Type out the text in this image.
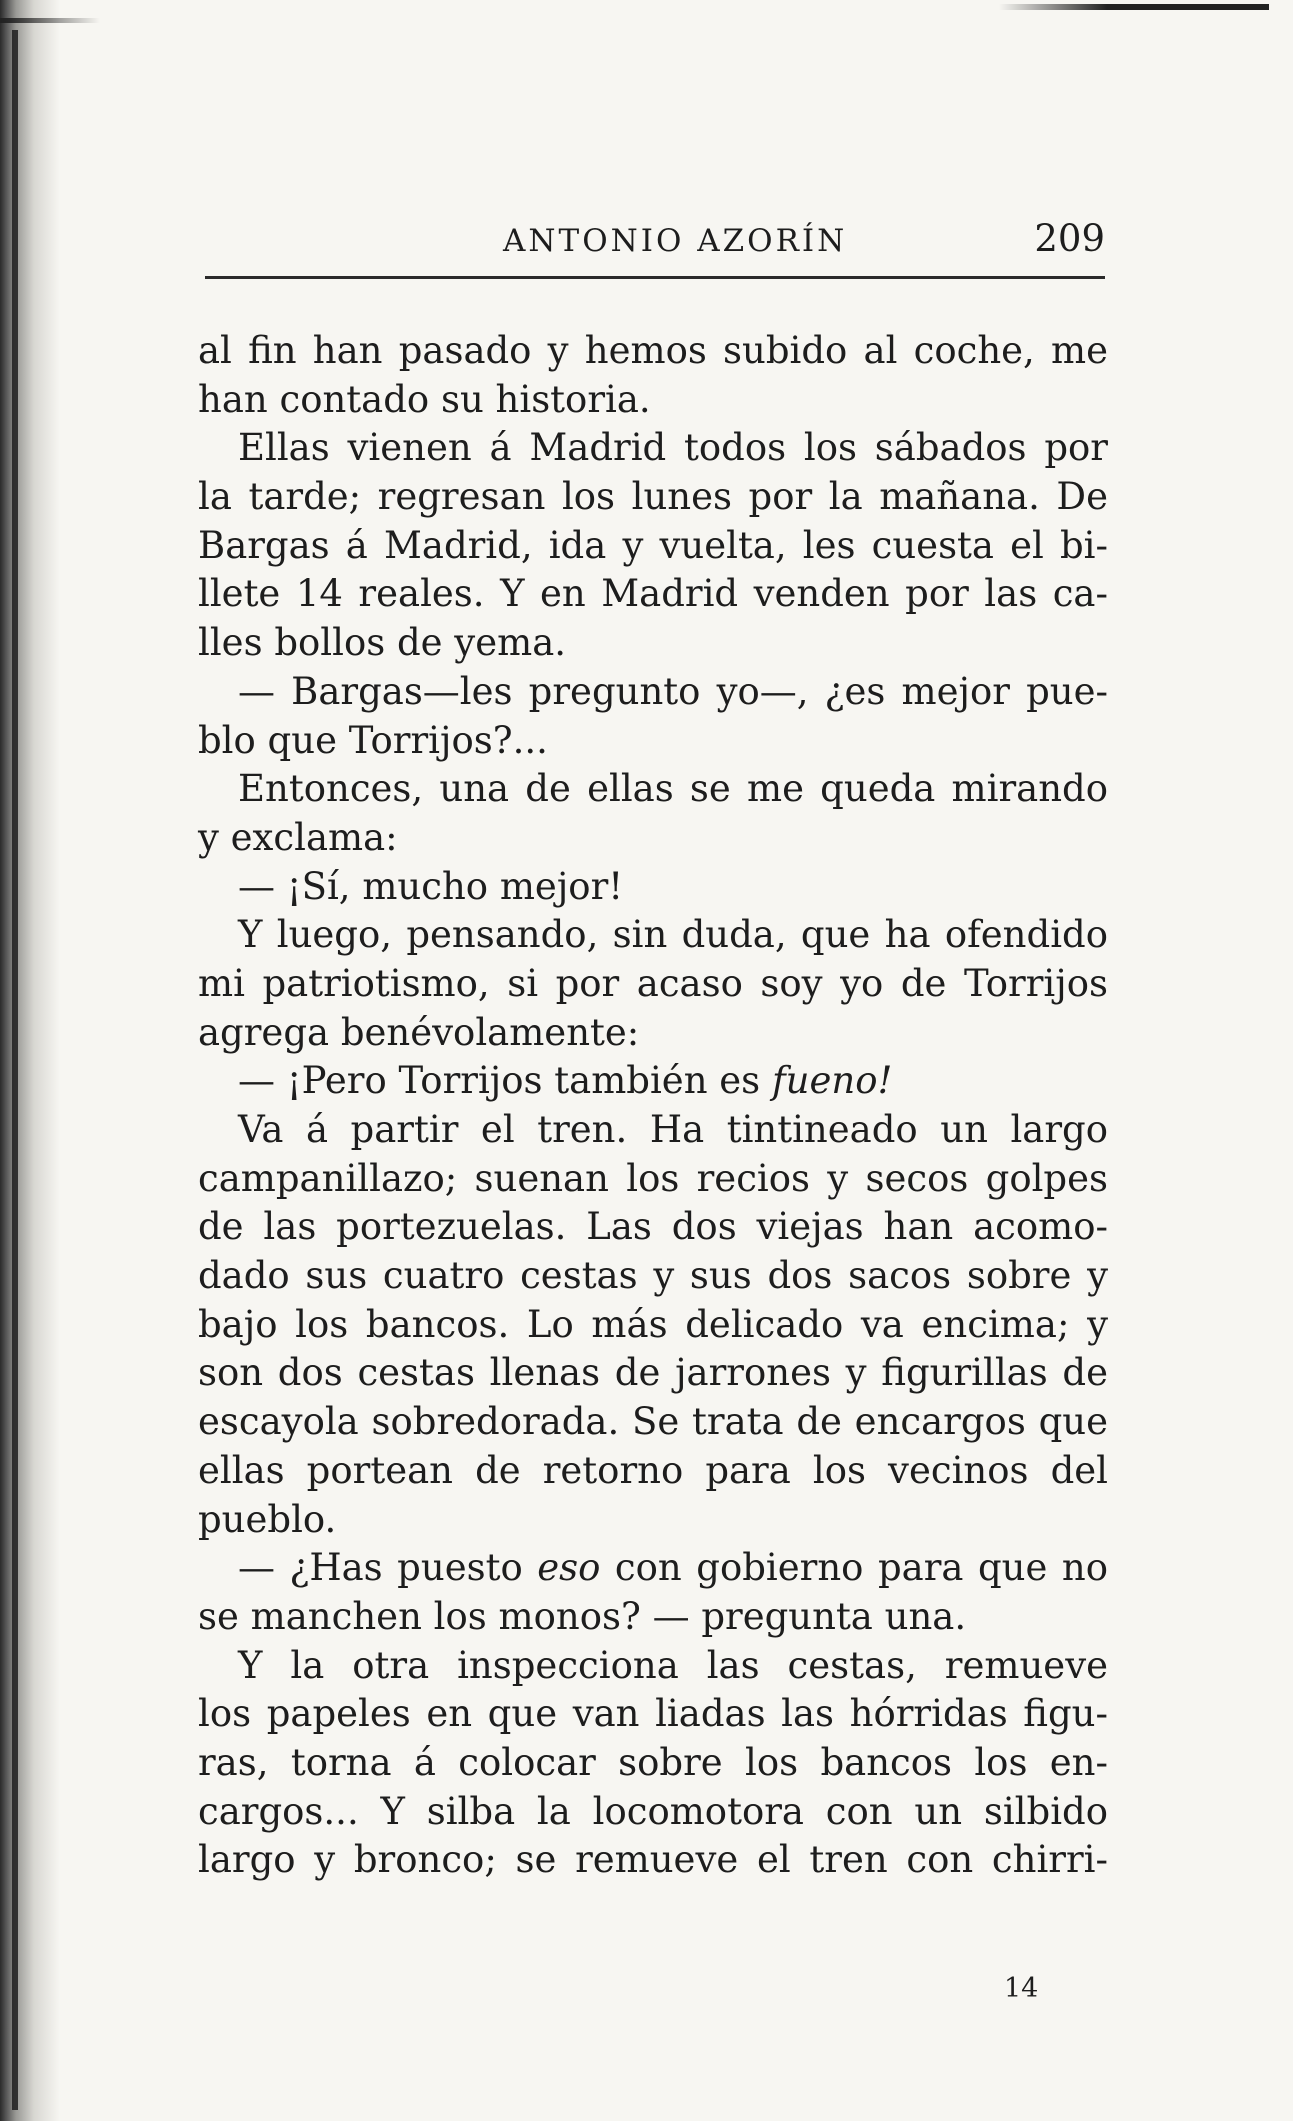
ANTONIO AZORÍN	209
al fin han pasado y hemos subido al coche, me
han contado su historia.
Ellas vienen á Madrid todos los sábados por
la tarde; regresan los lunes por la mañana. De
Bargas á Madrid, ida y vuelta, les cuesta el bi-
llete 14 reales. Y en Madrid venden por las ca-
lles bollos de yema.
— Bargas—les pregunto yo—, ¿es mejor pue-
blo que Torrijos?...
Entonces, una de ellas se me queda mirando
y exclama:
— ¡Sí, mucho mejor!
Y luego, pensando, sin duda, que ha ofendido
mi patriotismo, si por acaso soy yo de Torrijos
agrega benévolamente:
— ¡Pero Torrijos también es fueno!
Va á partir el tren. Ha tintineado un largo
campanillazo; suenan los recios y secos golpes
de las portezuelas. Las dos viejas han acomo-
dado sus cuatro cestas y sus dos sacos sobre y
bajo los bancos. Lo más delicado va encima; y
son dos cestas llenas de jarrones y figurillas de
escayola sobredorada. Se trata de encargos que
ellas portean de retorno para los vecinos del
pueblo.
— ¿Has puesto eso con gobierno para que no
se manchen los monos? — pregunta una.
Y la otra inspecciona las cestas, remueve
los papeles en que van liadas las hórridas figu-
ras, torna á colocar sobre los bancos los en-
cargos... Y silba la locomotora con un silbido
largo y bronco; se remueve el tren con chirri-
14
